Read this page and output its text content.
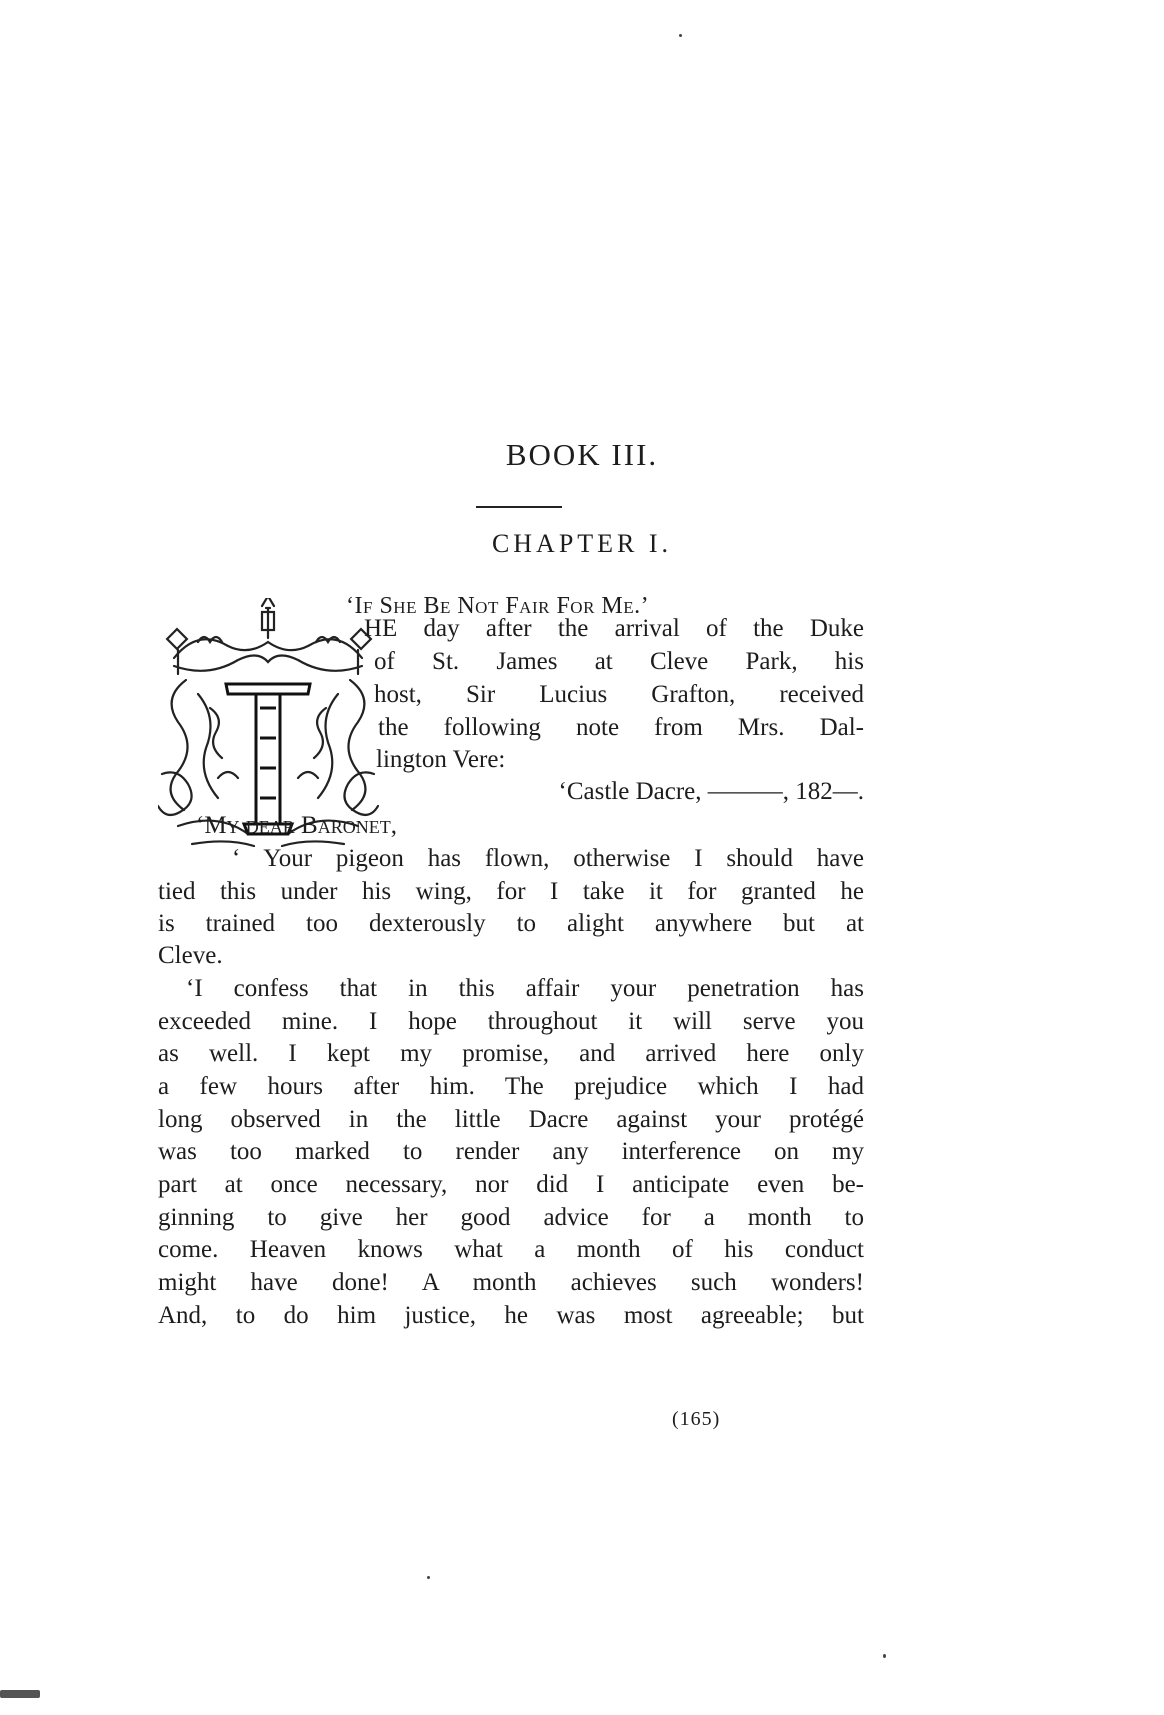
BOOK III.
CHAPTER I.
‘If She Be Not Fair For Me.’
HE day after the arrival of the Duke
of St. James at Cleve Park, his
host, Sir Lucius Grafton, received
the following note from Mrs. Dal-
lington Vere:
‘Castle Dacre, ———, 182—.
‘My dear Baronet,
‘ Your pigeon has flown, otherwise I should have
tied this under his wing, for I take it for granted he
is trained too dexterously to alight anywhere but at
Cleve.
‘I confess that in this affair your penetration has
exceeded mine. I hope throughout it will serve you
as well. I kept my promise, and arrived here only
a few hours after him. The prejudice which I had
long observed in the little Dacre against your protégé
was too marked to render any interference on my
part at once necessary, nor did I anticipate even be-
ginning to give her good advice for a month to
come. Heaven knows what a month of his conduct
might have done! A month achieves such wonders!
And, to do him justice, he was most agreeable; but
(165)
